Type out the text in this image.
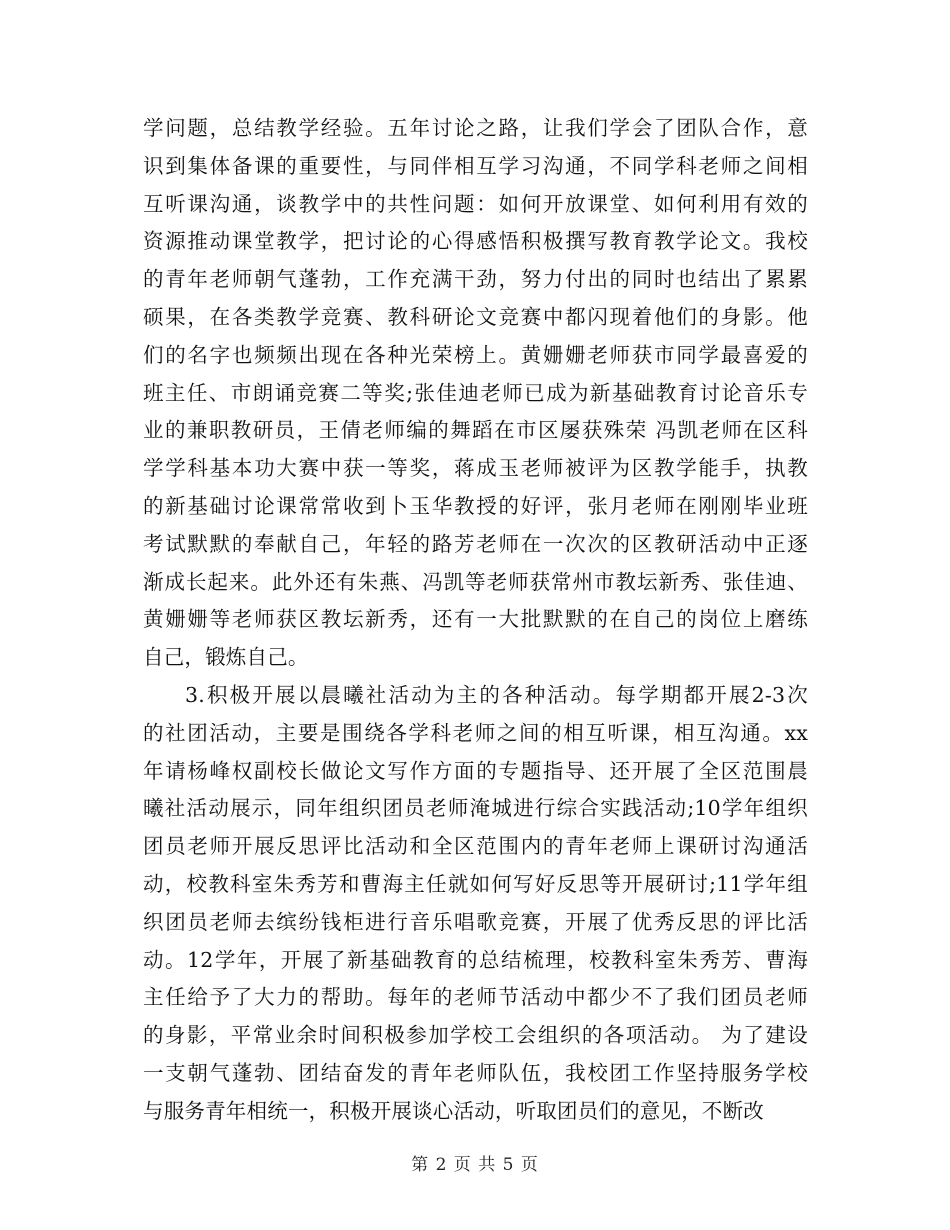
学问题，总结教学经验。五年讨论之路，让我们学会了团队合作，意
识到集体备课的重要性，与同伴相互学习沟通，不同学科老师之间相
互听课沟通，谈教学中的共性问题：如何开放课堂、如何利用有效的
资源推动课堂教学，把讨论的心得感悟积极撰写教育教学论文。我校
的青年老师朝气蓬勃，工作充满干劲，努力付出的同时也结出了累累
硕果，在各类教学竞赛、教科研论文竞赛中都闪现着他们的身影。他
们的名字也频频出现在各种光荣榜上。黄姗姗老师获市同学最喜爱的
班主任、市朗诵竞赛二等奖;张佳迪老师已成为新基础教育讨论音乐专
业的兼职教研员，王倩老师编的舞蹈在市区屡获殊荣 冯凯老师在区科
学学科基本功大赛中获一等奖，蒋成玉老师被评为区教学能手，执教
的新基础讨论课常常收到卜玉华教授的好评，张月老师在刚刚毕业班
考试默默的奉献自己，年轻的路芳老师在一次次的区教研活动中正逐
渐成长起来。此外还有朱燕、冯凯等老师获常州市教坛新秀、张佳迪、
黄姗姗等老师获区教坛新秀，还有一大批默默的在自己的岗位上磨练
自己，锻炼自己。
3.积极开展以晨曦社活动为主的各种活动。每学期都开展2-3次
的社团活动，主要是围绕各学科老师之间的相互听课，相互沟通。xx
年请杨峰权副校长做论文写作方面的专题指导、还开展了全区范围晨
曦社活动展示，同年组织团员老师淹城进行综合实践活动;10学年组织
团员老师开展反思评比活动和全区范围内的青年老师上课研讨沟通活
动，校教科室朱秀芳和曹海主任就如何写好反思等开展研讨;11学年组
织团员老师去缤纷钱柜进行音乐唱歌竞赛，开展了优秀反思的评比活
动。12学年，开展了新基础教育的总结梳理，校教科室朱秀芳、曹海
主任给予了大力的帮助。每年的老师节活动中都少不了我们团员老师
的身影，平常业余时间积极参加学校工会组织的各项活动。 为了建设
一支朝气蓬勃、团结奋发的青年老师队伍，我校团工作坚持服务学校
与服务青年相统一，积极开展谈心活动，听取团员们的意见，不断改
第 2 页 共 5 页
